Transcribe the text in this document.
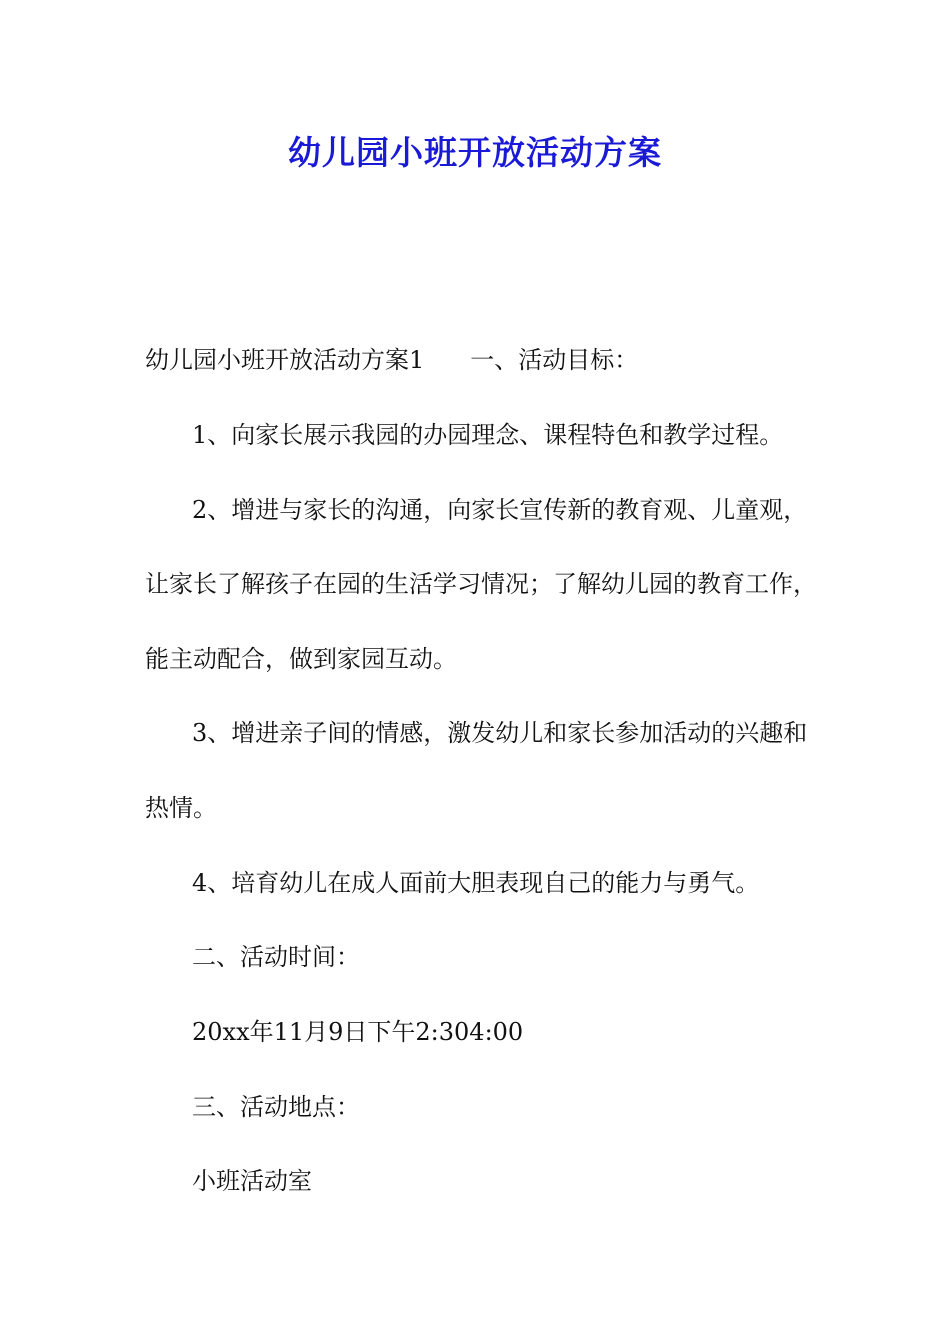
幼儿园小班开放活动方案
幼儿园小班开放活动方案1 一、活动目标：
1、向家长展示我园的办园理念、课程特色和教学过程。
2、增进与家长的沟通，向家长宣传新的教育观、儿童观，
让家长了解孩子在园的生活学习情况；了解幼儿园的教育工作，
能主动配合，做到家园互动。
3、增进亲子间的情感，激发幼儿和家长参加活动的兴趣和
热情。
4、培育幼儿在成人面前大胆表现自己的能力与勇气。
二、活动时间：
20xx年11月9日下午2:304:00
三、活动地点：
小班活动室
